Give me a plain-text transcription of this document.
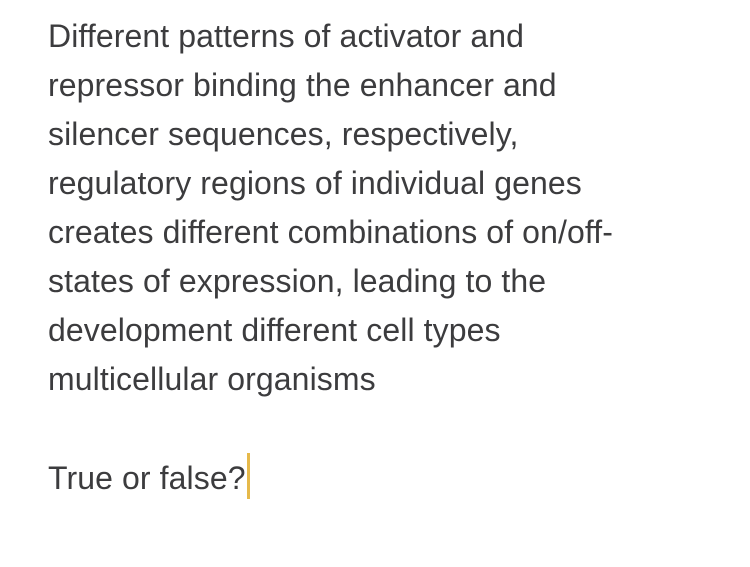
Different patterns of activator and
repressor binding the enhancer and
silencer sequences, respectively,
regulatory regions of individual genes
creates different combinations of on/off-
states of expression, leading to the
development different cell types
multicellular organisms
True or false?
